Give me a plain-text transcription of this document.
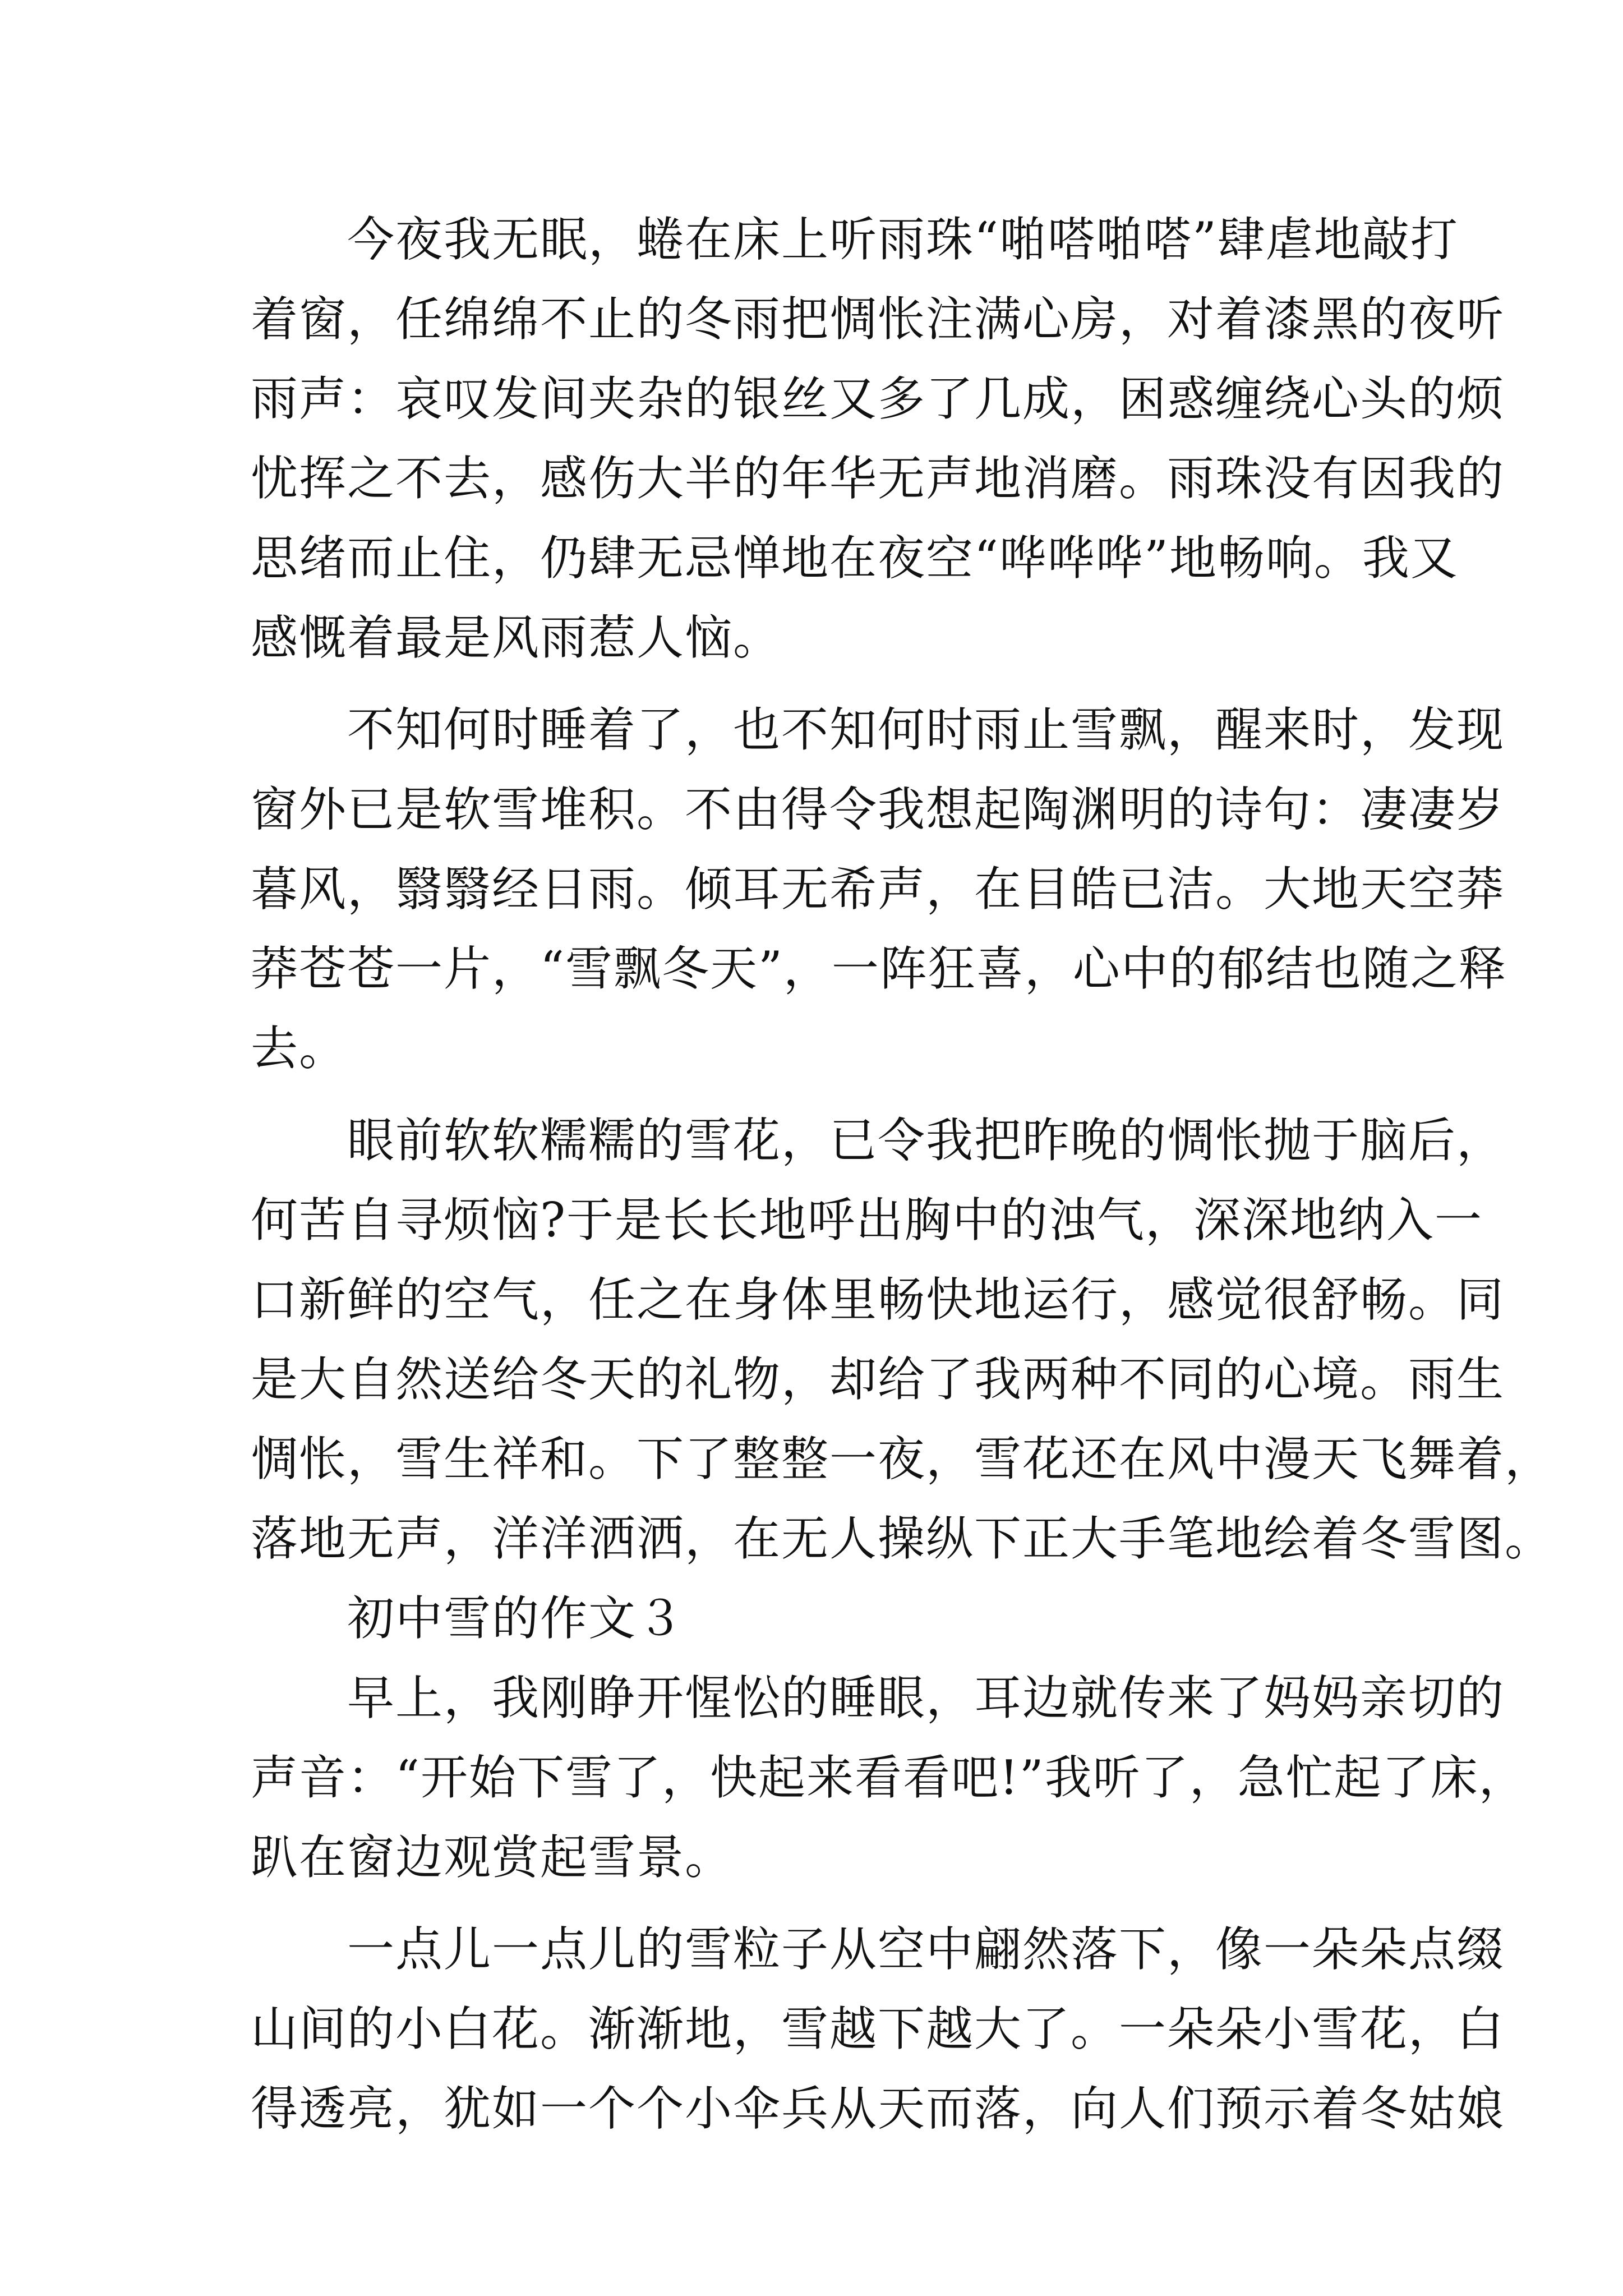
　　今夜我无眠，蜷在床上听雨珠“啪嗒啪嗒”肆虐地敲打
着窗，任绵绵不止的冬雨把惆怅注满心房，对着漆黑的夜听
雨声：哀叹发间夹杂的银丝又多了几成，困惑缠绕心头的烦
忧挥之不去，感伤大半的年华无声地消磨。雨珠没有因我的
思绪而止住，仍肆无忌惮地在夜空“哗哗哗”地畅响。我又
感慨着最是风雨惹人恼。

　　不知何时睡着了，也不知何时雨止雪飘，醒来时，发现
窗外已是软雪堆积。不由得令我想起陶渊明的诗句：凄凄岁
暮风，翳翳经日雨。倾耳无希声，在目皓已洁。大地天空莽
莽苍苍一片，“雪飘冬天”，一阵狂喜，心中的郁结也随之释
去。

　　眼前软软糯糯的雪花，已令我把昨晚的惆怅抛于脑后，
何苦自寻烦恼?于是长长地呼出胸中的浊气，深深地纳入一
口新鲜的空气，任之在身体里畅快地运行，感觉很舒畅。同
是大自然送给冬天的礼物，却给了我两种不同的心境。雨生
惆怅，雪生祥和。下了整整一夜，雪花还在风中漫天飞舞着，
落地无声，洋洋洒洒，在无人操纵下正大手笔地绘着冬雪图。

　　初中雪的作文３

　　早上，我刚睁开惺忪的睡眼，耳边就传来了妈妈亲切的
声音：“开始下雪了，快起来看看吧!”我听了，急忙起了床，
趴在窗边观赏起雪景。

　　一点儿一点儿的雪粒子从空中翩然落下，像一朵朵点缀
山间的小白花。渐渐地，雪越下越大了。一朵朵小雪花，白
得透亮，犹如一个个小伞兵从天而落，向人们预示着冬姑娘
